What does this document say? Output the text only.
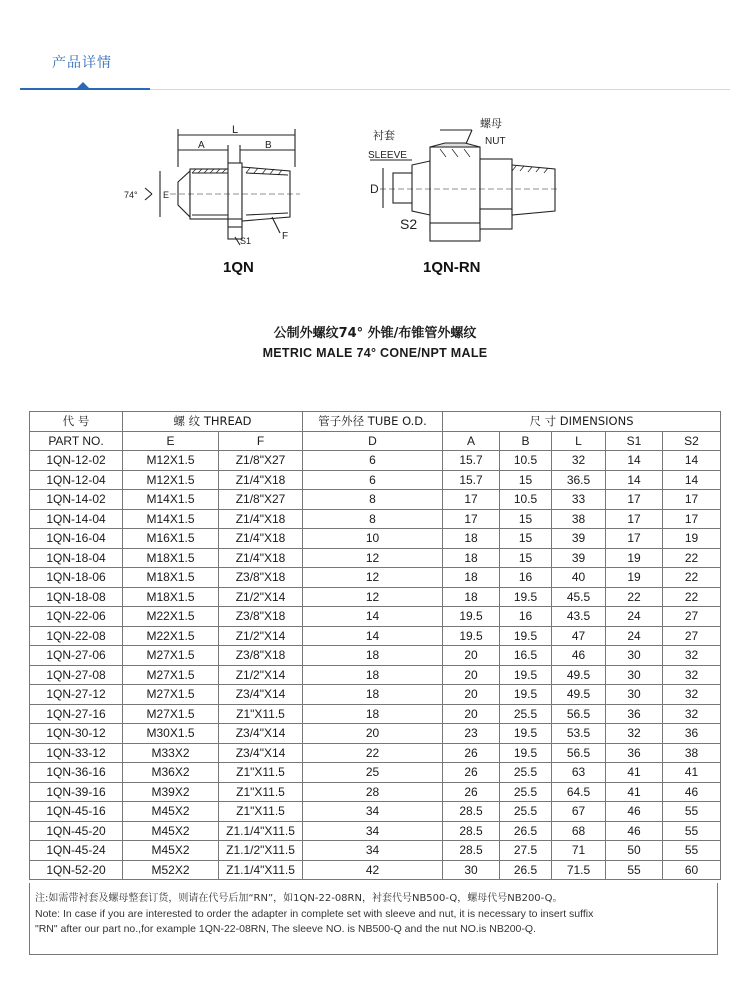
产品详情
L
A	B
74°	E
S1	F
衬套
SLEEVE
螺母
NUT
D
S2
1QN	1QN-RN
公制外螺纹74° 外锥/布锥管外螺纹
METRIC MALE 74° CONE/NPT MALE
代 号	螺 纹 THREAD		管子外径 TUBE O.D.	尺 寸 DIMENSIONS				
PART NO.	E	F	D	A	B	L	S1	S2
1QN-12-02	M12X1.5	Z1/8"X27	6	15.7	10.5	32	14	14
1QN-12-04	M12X1.5	Z1/4"X18	6	15.7	15	36.5	14	14
1QN-14-02	M14X1.5	Z1/8"X27	8	17	10.5	33	17	17
1QN-14-04	M14X1.5	Z1/4"X18	8	17	15	38	17	17
1QN-16-04	M16X1.5	Z1/4"X18	10	18	15	39	17	19
1QN-18-04	M18X1.5	Z1/4"X18	12	18	15	39	19	22
1QN-18-06	M18X1.5	Z3/8"X18	12	18	16	40	19	22
1QN-18-08	M18X1.5	Z1/2"X14	12	18	19.5	45.5	22	22
1QN-22-06	M22X1.5	Z3/8"X18	14	19.5	16	43.5	24	27
1QN-22-08	M22X1.5	Z1/2"X14	14	19.5	19.5	47	24	27
1QN-27-06	M27X1.5	Z3/8"X18	18	20	16.5	46	30	32
1QN-27-08	M27X1.5	Z1/2"X14	18	20	19.5	49.5	30	32
1QN-27-12	M27X1.5	Z3/4"X14	18	20	19.5	49.5	30	32
1QN-27-16	M27X1.5	Z1"X11.5	18	20	25.5	56.5	36	32
1QN-30-12	M30X1.5	Z3/4"X14	20	23	19.5	53.5	32	36
1QN-33-12	M33X2	Z3/4"X14	22	26	19.5	56.5	36	38
1QN-36-16	M36X2	Z1"X11.5	25	26	25.5	63	41	41
1QN-39-16	M39X2	Z1"X11.5	28	26	25.5	64.5	41	46
1QN-45-16	M45X2	Z1"X11.5	34	28.5	25.5	67	46	55
1QN-45-20	M45X2	Z1.1/4"X11.5	34	28.5	26.5	68	46	55
1QN-45-24	M45X2	Z1.1/2"X11.5	34	28.5	27.5	71	50	55
1QN-52-20	M52X2	Z1.1/4"X11.5	42	30	26.5	71.5	55	60
注:如需带衬套及螺母整套订货，则请在代号后加“RN”，如1QN-22-08RN，衬套代号NB500-Q，螺母代号NB200-Q。
Note: In case if you are interested to order the adapter in complete set with sleeve and nut, it is necessary to insert suffix
"RN" after our part no.,for example 1QN-22-08RN, The sleeve NO. is NB500-Q and the nut NO.is NB200-Q.
